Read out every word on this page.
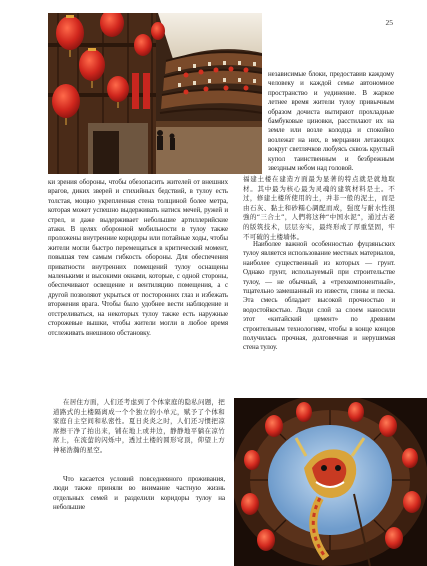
25

независимые блоки, предоставив каждому человеку и каждой семье автономное пространство и уединение. В жаркое летнее время жители тулоу привычным образом дочиста вытирают прохладные бамбуковые циновки, расстилают их на земле или возле колодца и спокойно возлежат на них, в мерцании летающих вокруг светлячков любуясь сквозь круглый купол таинственным и безбрежным звездным небом над головой.

ки зрения обороны, чтобы обезопасить жителей от внешних врагов, диких зверей и стихийных бедствий, в тулоу есть толстая, мощно укрепленная стена толщиной более метра, которая может успешно выдерживать натиск мечей, ружей и стрел, и даже выдерживает небольшие артиллерийские атаки. В целях оборонной мобильности в тулоу также проложены внутренние коридоры или потайные ходы, чтобы жители могли быстро перемещаться в критический момент, повышая тем самым гибкость обороны. Для обеспечения приватности внутренних помещений тулоу оснащены маленькими и высокими окнами, которые, с одной стороны, обеспечивают освещение и вентиляцию помещения, а с другой позволяют укрыться от посторонних глаз и избежать вторжения врага. Чтобы было удобнее вести наблюдение и отстреливаться, на некоторых тулоу также есть наружные сторожевые вышки, чтобы жители могли в любое время отслеживать внешнюю обстановку.

福建土楼在建造方面最为显著的特点就是就地取材。其中最为核心最为灵魂的建筑材料是土。不过，修建土楼所使用的土，并非一般的泥土，而是由石灰、黏土和砂糯心調配而成，强度与耐水性很強的“三合土”，人們将这种“中国水泥”，通过古老的版筑技术，层层夯实，最终形成了厚重坚固，牢不可破的土楼墙体。

Наиболее важной особенностью фуцзяньских тулоу является использование местных материалов, наиболее существенный из которых — грунт. Однако грунт, используемый при строительстве тулоу, — не обычный, а «трехкомпонентный», тщательно замешанный из извести, глины и песка. Эта смесь обладает высокой прочностью и водостойкостью. Люди слой за слоем наносили этот «китайский цемент» по древним строительным технологиям, чтобы в конце концов получилась прочная, долговечная и нерушимая стена тулоу.

在居住方面，人们还考虑到了个体家庭的隐私问题，把道路式的土楼隔离成一个个独立的小单元，赋予了个体和家庭自主空间和私密性。夏日炎炎之时，人们还习惯把凉席擦干净了拍出来，铺在地上或井边，静静地平躺在凉竹席上，在流萤的闪烁中，透过土楼的圆形穹顶，仰望上方神秘浩瀚的星空。

Что касается условий повседневного проживания, люди также приняли во внимание частную жизнь отдельных семей и разделили коридоры тулоу на небольшие
